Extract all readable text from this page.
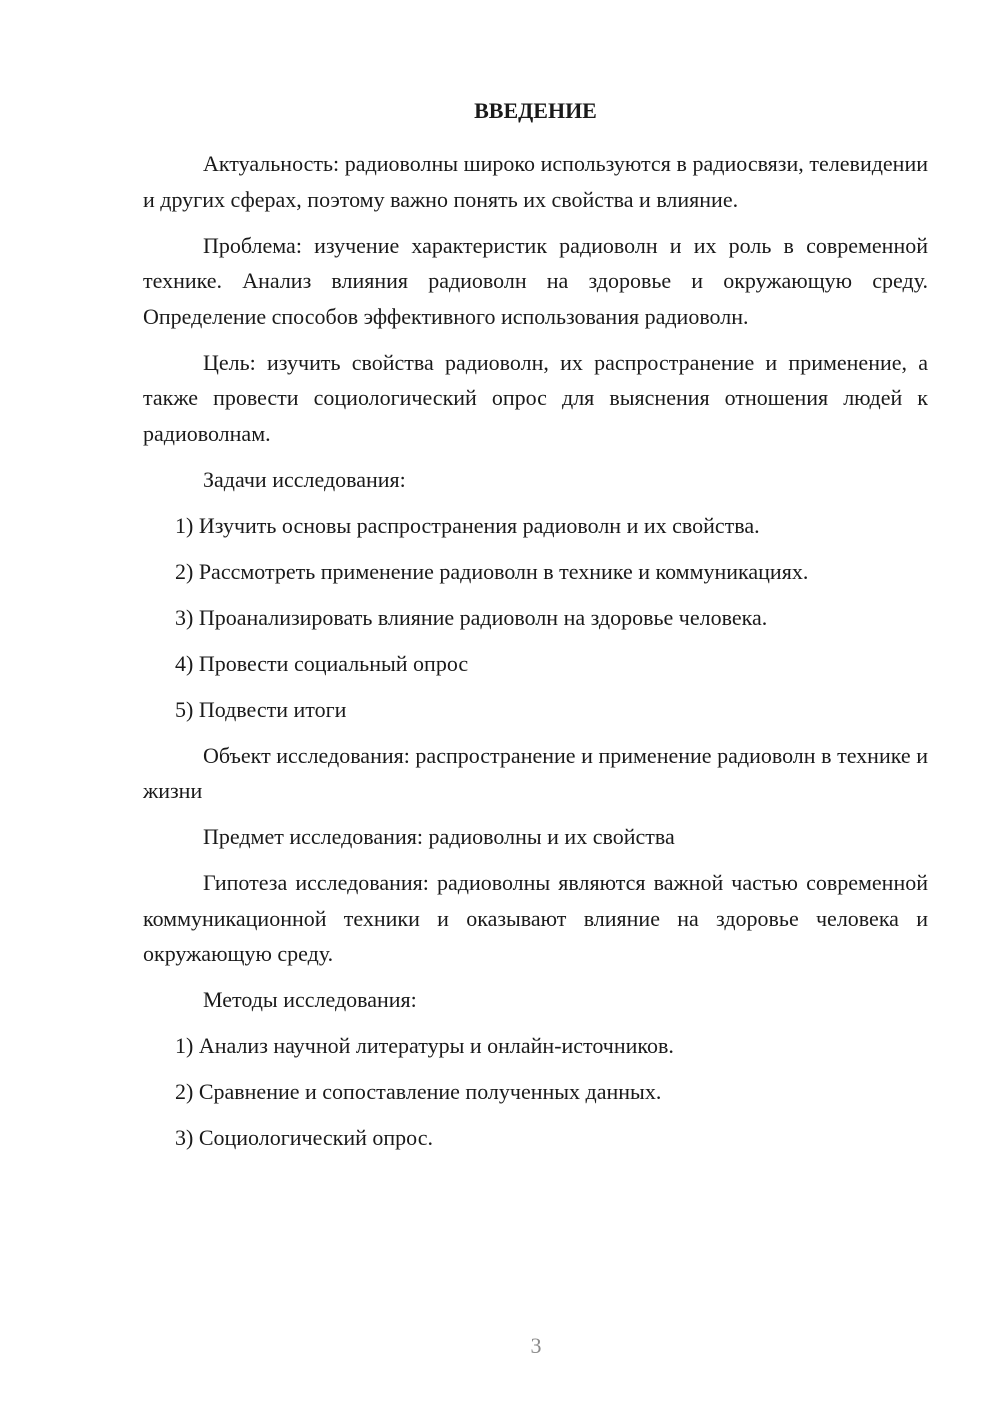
ВВЕДЕНИЕ

Актуальность: радиоволны широко используются в радиосвязи, телевидении и других сферах, поэтому важно понять их свойства и влияние.

Проблема: изучение характеристик радиоволн и их роль в современной технике. Анализ влияния радиоволн на здоровье и окружающую среду. Определение способов эффективного использования радиоволн.

Цель: изучить свойства радиоволн, их распространение и применение, а также провести социологический опрос для выяснения отношения людей к радиоволнам.

Задачи исследования:
1) Изучить основы распространения радиоволн и их свойства.
2) Рассмотреть применение радиоволн в технике и коммуникациях.
3) Проанализировать влияние радиоволн на здоровье человека.
4) Провести социальный опрос
5) Подвести итоги

Объект исследования: распространение и применение радиоволн в технике и жизни

Предмет исследования: радиоволны и их свойства

Гипотеза исследования: радиоволны являются важной частью современной коммуникационной техники и оказывают влияние на здоровье человека и окружающую среду.

Методы исследования:
1) Анализ научной литературы и онлайн-источников.
2) Сравнение и сопоставление полученных данных.
3) Социологический опрос.
3
